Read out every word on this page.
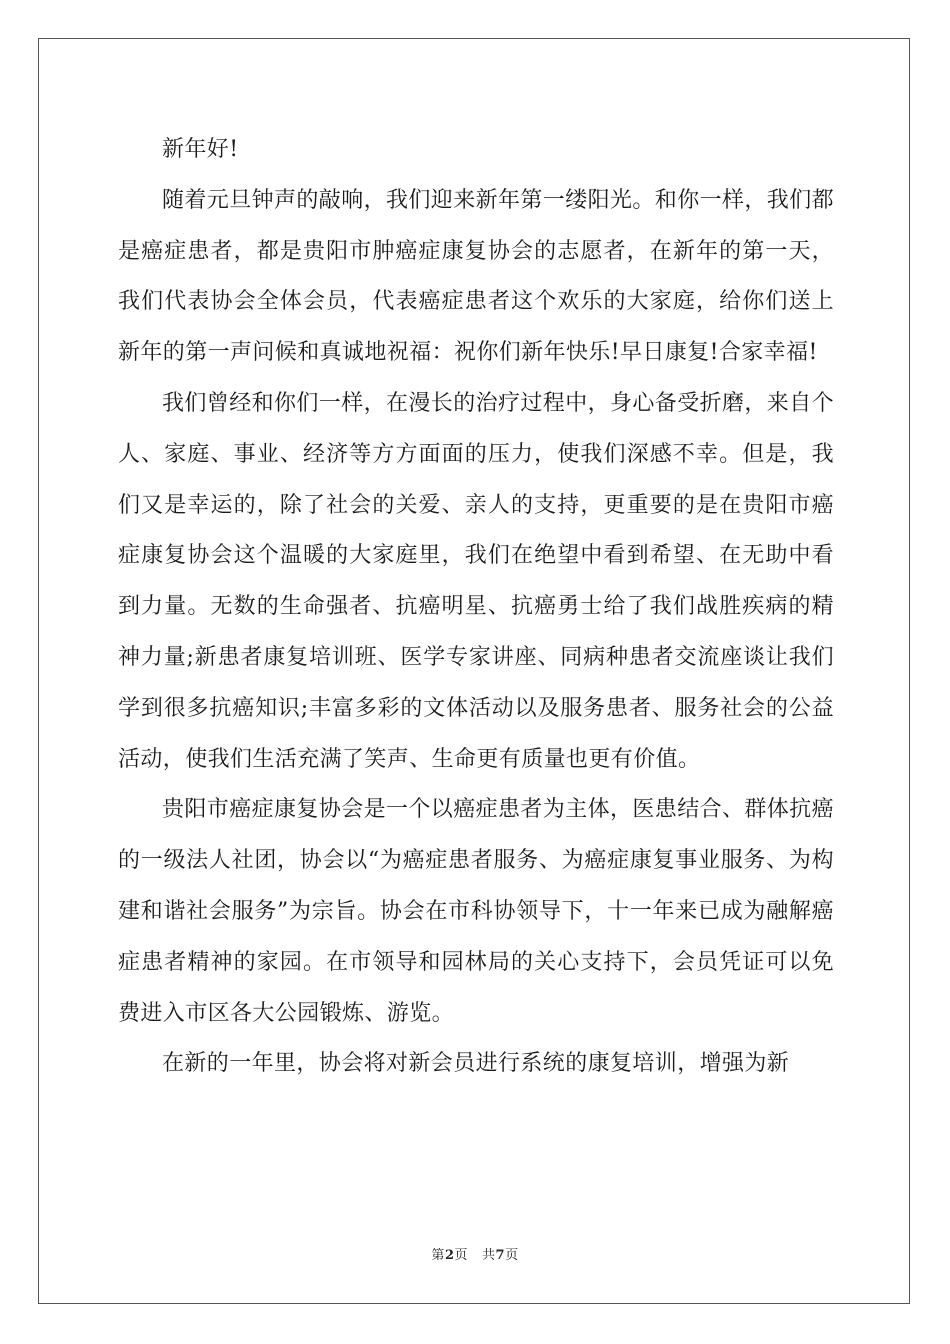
新年好!

随着元旦钟声的敲响，我们迎来新年第一缕阳光。和你一样，我们都是癌症患者，都是贵阳市肿癌症康复协会的志愿者，在新年的第一天，我们代表协会全体会员，代表癌症患者这个欢乐的大家庭，给你们送上新年的第一声问候和真诚地祝福：祝你们新年快乐!早日康复!合家幸福!

我们曾经和你们一样，在漫长的治疗过程中，身心备受折磨，来自个人、家庭、事业、经济等方方面面的压力，使我们深感不幸。但是，我们又是幸运的，除了社会的关爱、亲人的支持，更重要的是在贵阳市癌症康复协会这个温暖的大家庭里，我们在绝望中看到希望、在无助中看到力量。无数的生命强者、抗癌明星、抗癌勇士给了我们战胜疾病的精神力量;新患者康复培训班、医学专家讲座、同病种患者交流座谈让我们学到很多抗癌知识;丰富多彩的文体活动以及服务患者、服务社会的公益活动，使我们生活充满了笑声、生命更有质量也更有价值。

贵阳市癌症康复协会是一个以癌症患者为主体，医患结合、群体抗癌的一级法人社团，协会以“为癌症患者服务、为癌症康复事业服务、为构建和谐社会服务”为宗旨。协会在市科协领导下，十一年来已成为融解癌症患者精神的家园。在市领导和园林局的关心支持下，会员凭证可以免费进入市区各大公园锻炼、游览。

在新的一年里，协会将对新会员进行系统的康复培训，增强为新

第2页 共7页
